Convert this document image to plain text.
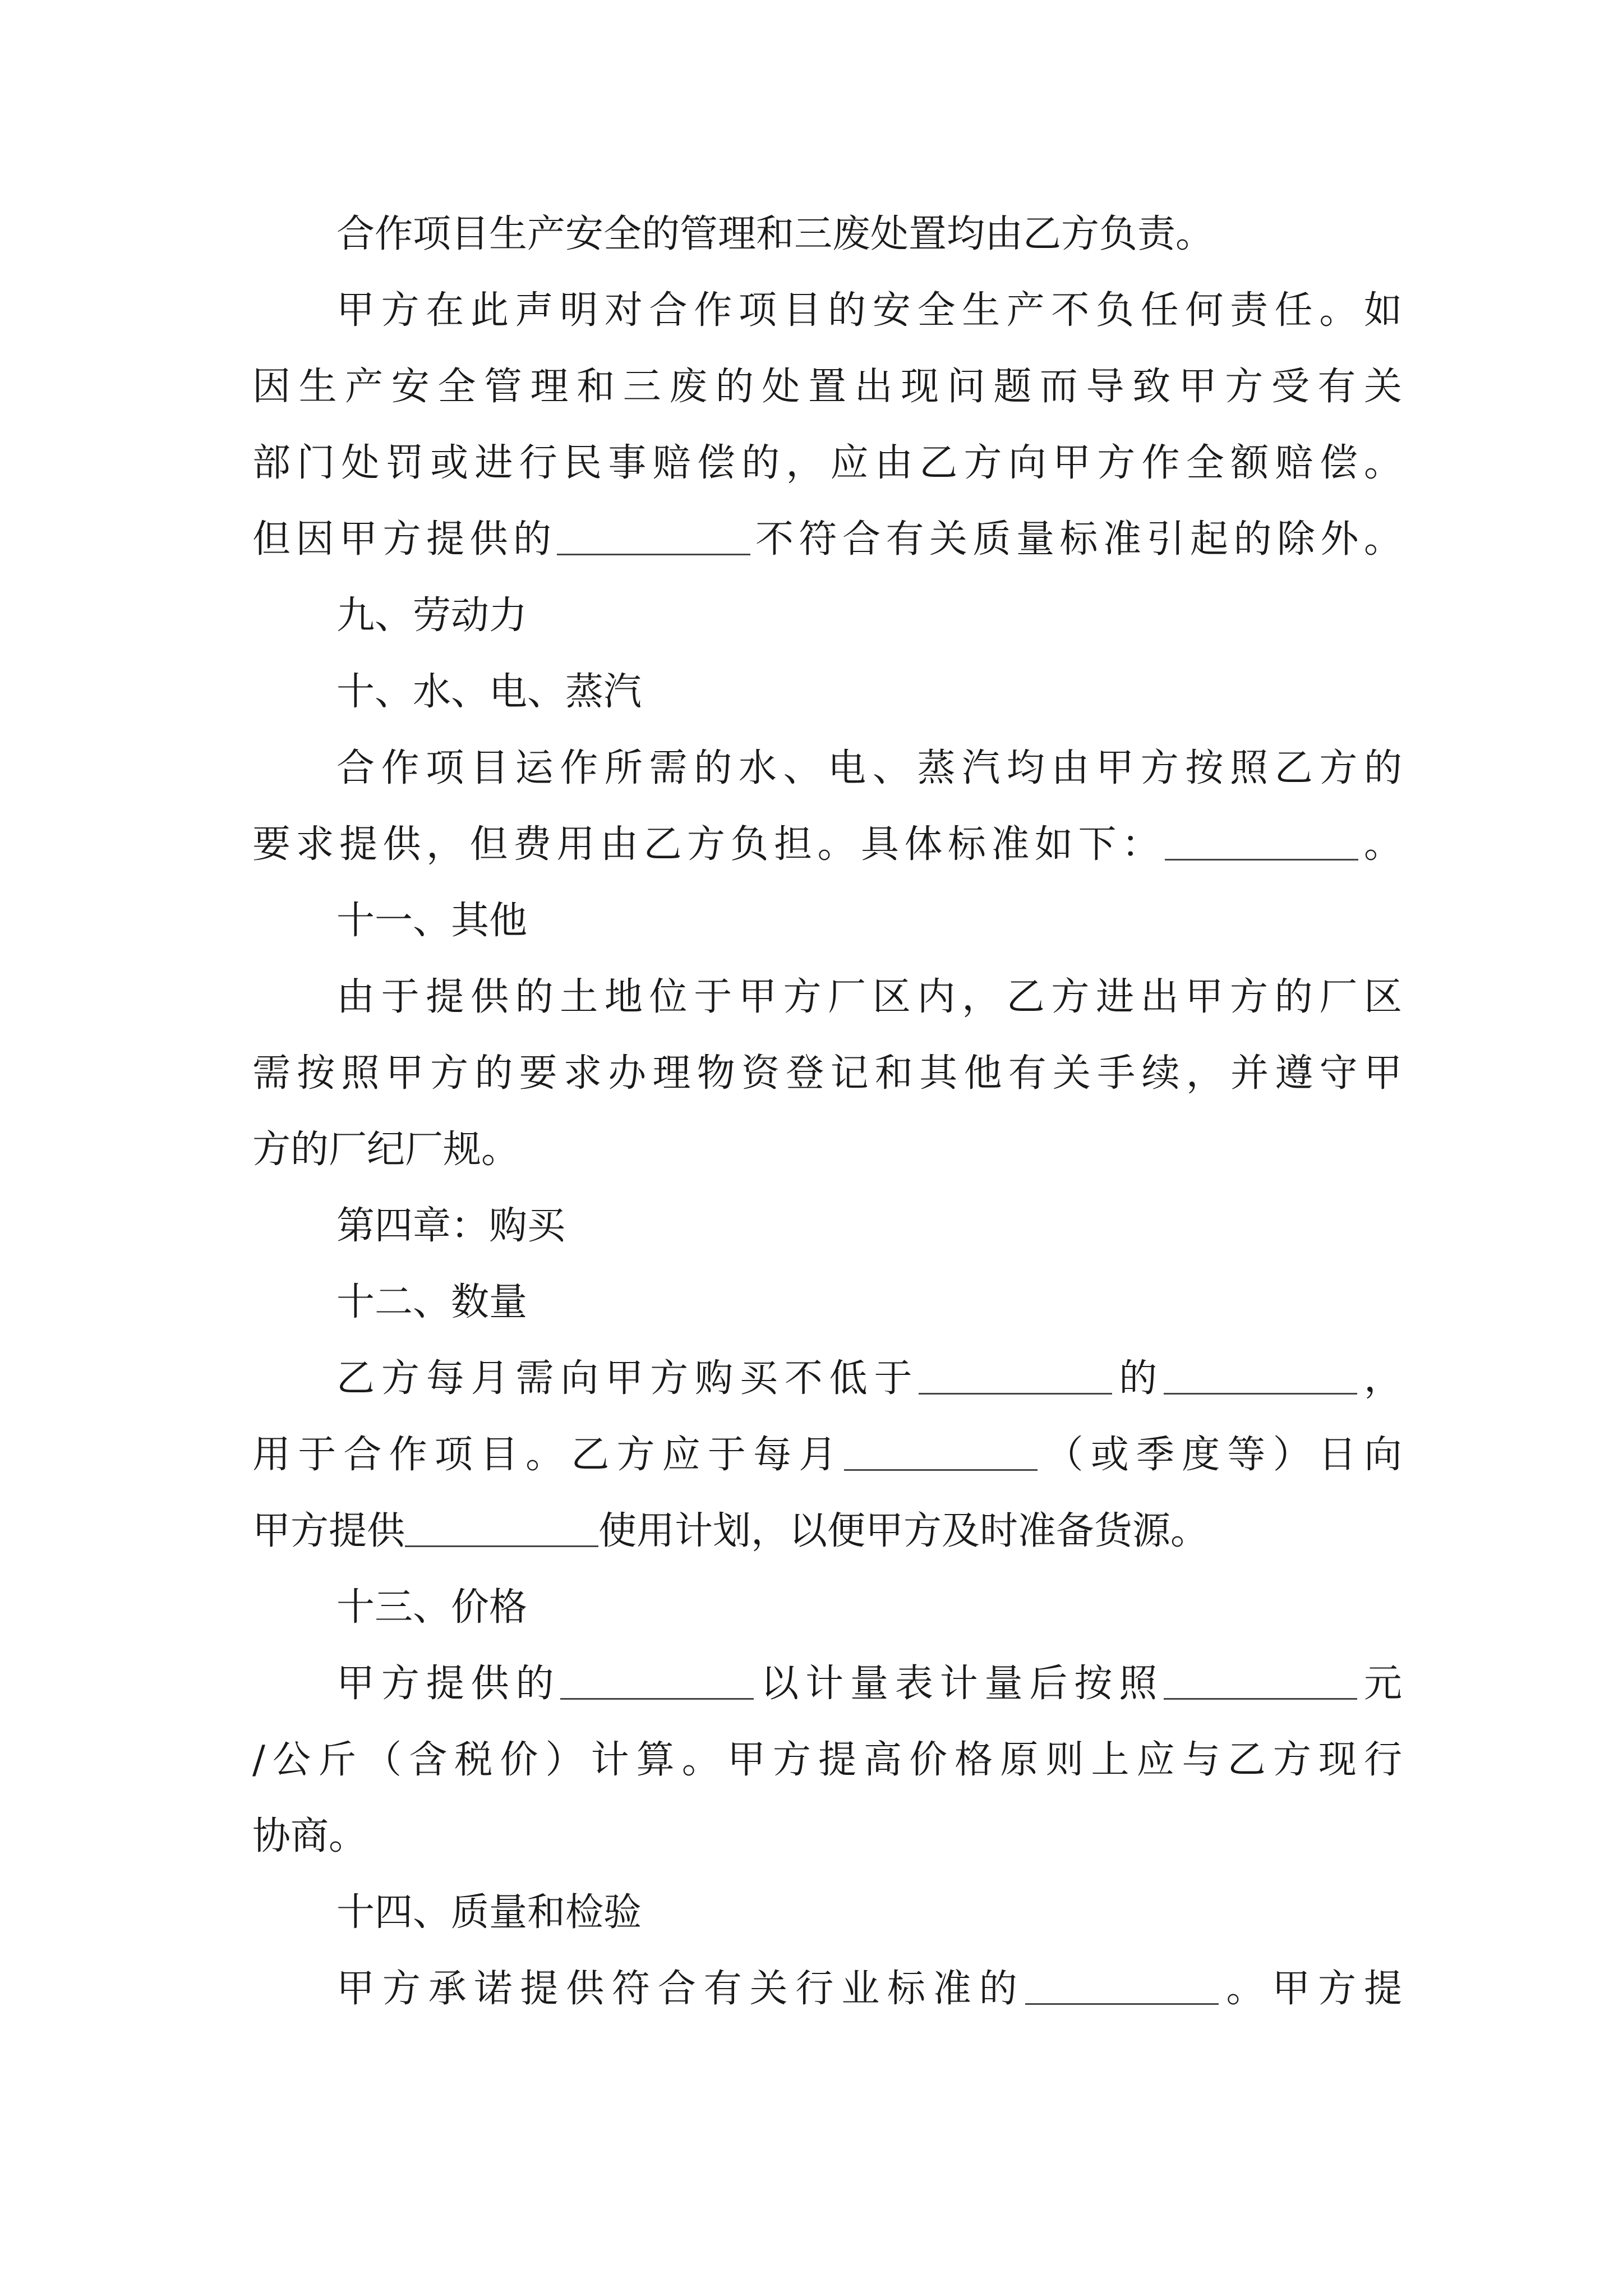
合作项目生产安全的管理和三废处置均由乙方负责。
甲方在此声明对合作项目的安全生产不负任何责任。如
因生产安全管理和三废的处置出现问题而导致甲方受有关
部门处罚或进行民事赔偿的，应由乙方向甲方作全额赔偿。
但因甲方提供的	不符合有关质量标准引起的除外。
九、劳动力
十、水、电、蒸汽
合作项目运作所需的水、电、蒸汽均由甲方按照乙方的
要求提供，但费用由乙方负担。具体标准如下：	。
十一、其他
由于提供的土地位于甲方厂区内，乙方进出甲方的厂区
需按照甲方的要求办理物资登记和其他有关手续，并遵守甲
方的厂纪厂规。
第四章：购买
十二、数量
乙方每月需向甲方购买不低于	的	，
用于合作项目。乙方应于每月	（或季度等）日向
甲方提供	使用计划，以便甲方及时准备货源。
十三、价格
甲方提供的	以计量表计量后按照	元
/公斤（含税价）计算。甲方提高价格原则上应与乙方现行
协商。
十四、质量和检验
甲方承诺提供符合有关行业标准的	。甲方提
